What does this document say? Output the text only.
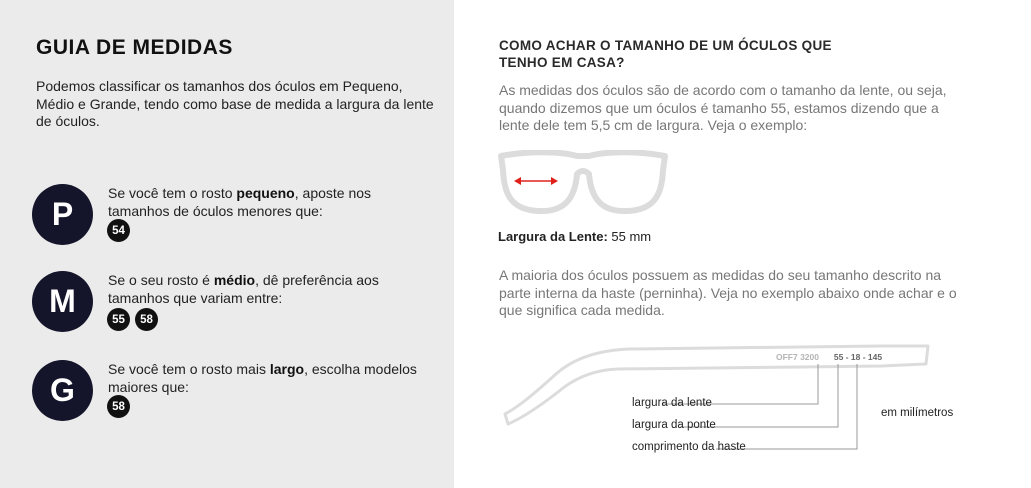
GUIA DE MEDIDAS
Podemos classificar os tamanhos dos óculos em Pequeno, Médio e Grande, tendo como base de medida a largura da lente de óculos.
P
Se você tem o rosto pequeno, aposte nos tamanhos de óculos menores que:
54
M
Se o seu rosto é médio, dê preferência aos tamanhos que variam entre:
55	58
G
Se você tem o rosto mais largo, escolha modelos maiores que:
58
COMO ACHAR O TAMANHO DE UM ÓCULOS QUE TENHO EM CASA?
As medidas dos óculos são de acordo com o tamanho da lente, ou seja, quando dizemos que um óculos é tamanho 55, estamos dizendo que a lente dele tem 5,5 cm de largura. Veja o exemplo:
Largura da Lente: 55 mm
A maioria dos óculos possuem as medidas do seu tamanho descrito na parte interna da haste (perninha). Veja no exemplo abaixo onde achar e o que significa cada medida.
OFF7 3200 55 - 18 - 145
largura da lente
largura da ponte
comprimento da haste
em milímetros
